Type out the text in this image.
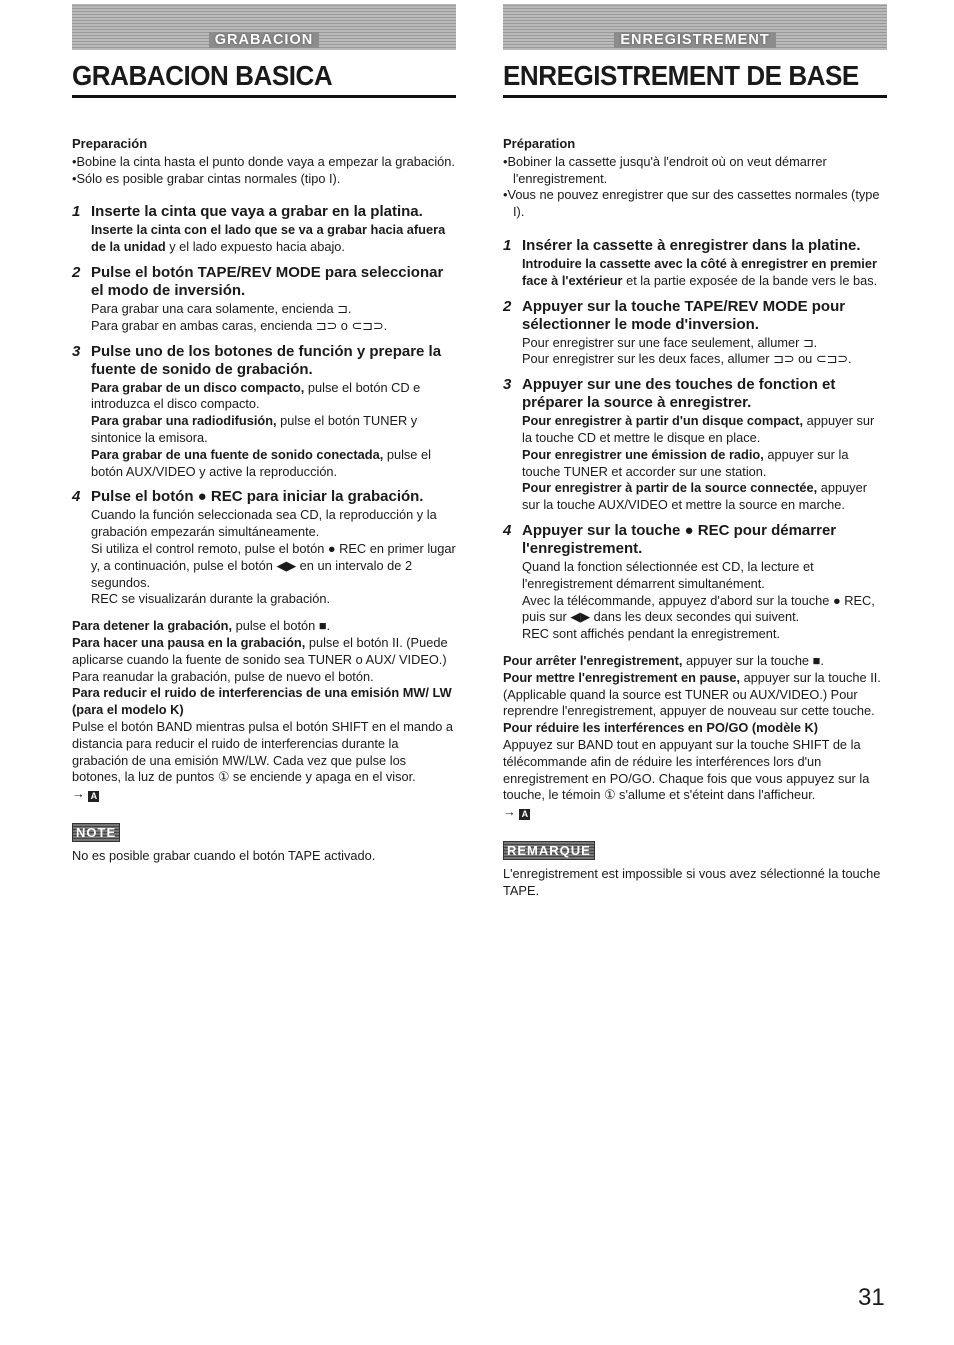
GRABACION
GRABACION BASICA

Preparación

• Bobine la cinta hasta el punto donde vaya a empezar la grabación.
• Sólo es posible grabar cintas normales (tipo I).
1 Inserte la cinta que vaya a grabar en la platina.

Inserte la cinta con el lado que se va a grabar hacia afuera de la unidad y el lado expuesto hacia abajo.

2 Pulse el botón TAPE/REV MODE para seleccionar el modo de inversión.

Para grabar una cara solamente, encienda ⊐.

Para grabar en ambas caras, encienda ⊐⊃ o ⊂⊐⊃.

3 Pulse uno de los botones de función y prepare la fuente de sonido de grabación.

Para grabar de un disco compacto, pulse el botón CD e introduzca el disco compacto.

Para grabar una radiodifusión, pulse el botón TUNER y sintonice la emisora.

Para grabar de una fuente de sonido conectada, pulse el botón AUX/VIDEO y active la reproducción.

4 Pulse el botón ● REC para iniciar la grabación.

Cuando la función seleccionada sea CD, la reproducción y la grabación empezarán simultáneamente.

Si utiliza el control remoto, pulse el botón ● REC en primer lugar y, a continuación, pulse el botón ◀▶ en un intervalo de 2 segundos.

REC se visualizarán durante la grabación.

Para detener la grabación, pulse el botón ■.

Para hacer una pausa en la grabación, pulse el botón II. (Puede aplicarse cuando la fuente de sonido sea TUNER o AUX/ VIDEO.) Para reanudar la grabación, pulse de nuevo el botón.

Para reducir el ruido de interferencias de una emisión MW/ LW (para el modelo K)

Pulse el botón BAND mientras pulsa el botón SHIFT en el mando a distancia para reducir el ruido de interferencias durante la grabación de una emisión MW/LW. Cada vez que pulse los botones, la luz de puntos ① se enciende y apaga en el visor.

→ A

NOTE

No es posible grabar cuando el botón TAPE activado.

ENREGISTREMENT
ENREGISTREMENT DE BASE

Préparation

• Bobiner la cassette jusqu'à l'endroit où on veut démarrer l'enregistrement.
• Vous ne pouvez enregistrer que sur des cassettes normales (type I).
1 Insérer la cassette à enregistrer dans la platine.

Introduire la cassette avec la côté à enregistrer en premier face à l'extérieur et la partie exposée de la bande vers le bas.

2 Appuyer sur la touche TAPE/REV MODE pour sélectionner le mode d'inversion.

Pour enregistrer sur une face seulement, allumer ⊐.

Pour enregistrer sur les deux faces, allumer ⊐⊃ ou ⊂⊐⊃.

3 Appuyer sur une des touches de fonction et préparer la source à enregistrer.

Pour enregistrer à partir d'un disque compact, appuyer sur la touche CD et mettre le disque en place.

Pour enregistrer une émission de radio, appuyer sur la touche TUNER et accorder sur une station.

Pour enregistrer à partir de la source connectée, appuyer sur la touche AUX/VIDEO et mettre la source en marche.

4 Appuyer sur la touche ● REC pour démarrer l'enregistrement.

Quand la fonction sélectionnée est CD, la lecture et l'enregistrement démarrent simultanément.

Avec la télécommande, appuyez d'abord sur la touche ● REC, puis sur ◀▶ dans les deux secondes qui suivent.

REC sont affichés pendant la enregistrement.

Pour arrêter l'enregistrement, appuyer sur la touche ■.

Pour mettre l'enregistrement en pause, appuyer sur la touche II. (Applicable quand la source est TUNER ou AUX/VIDEO.) Pour reprendre l'enregistrement, appuyer de nouveau sur cette touche.

Pour réduire les interférences en PO/GO (modèle K)

Appuyez sur BAND tout en appuyant sur la touche SHIFT de la télécommande afin de réduire les interférences lors d'un enregistrement en PO/GO. Chaque fois que vous appuyez sur la touche, le témoin ① s'allume et s'éteint dans l'afficheur.

→ A

REMARQUE

L'enregistrement est impossible si vous avez sélectionné la touche TAPE.

31
